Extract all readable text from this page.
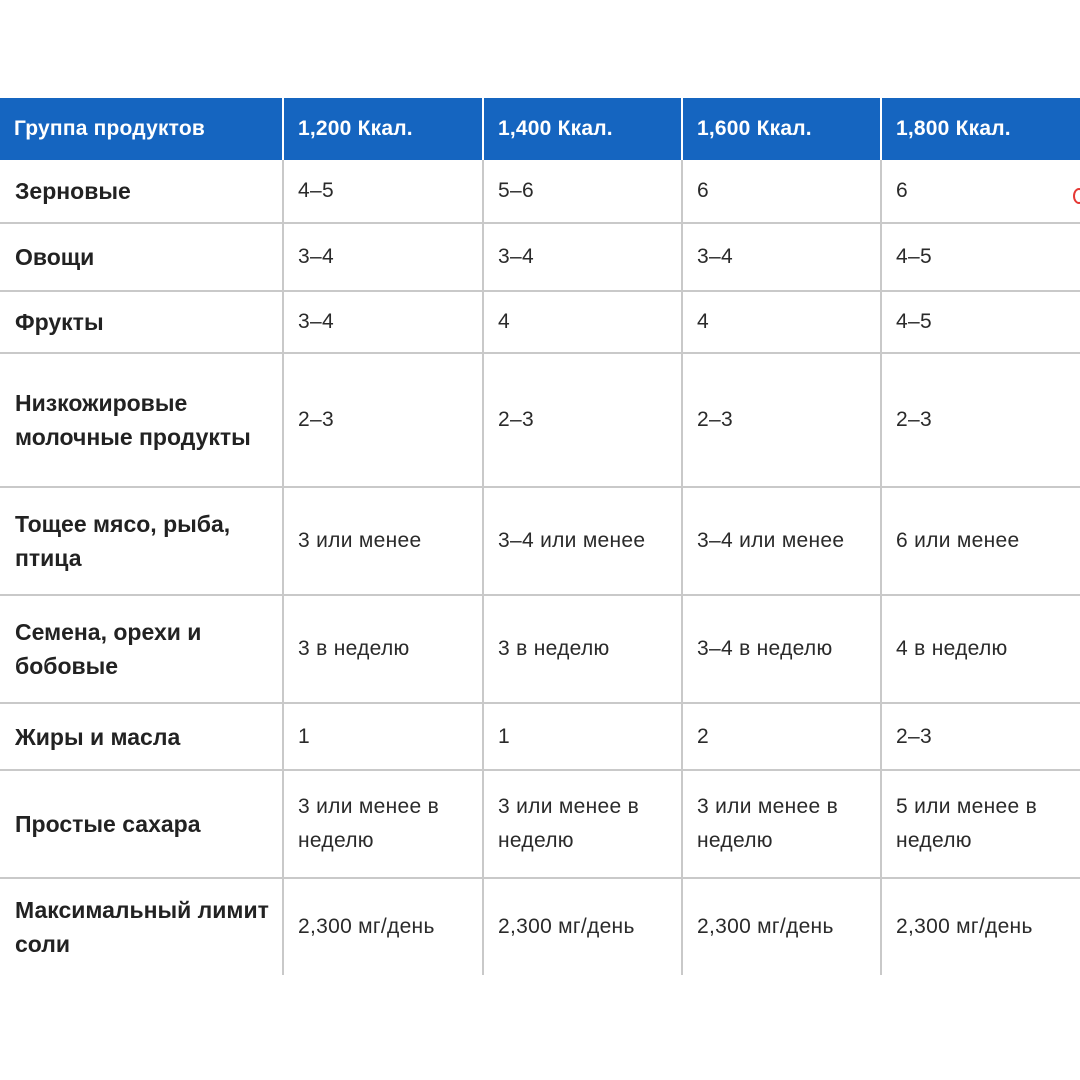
Группа продуктов	1,200 Ккал.	1,400 Ккал.	1,600 Ккал.	1,800 Ккал.
Зерновые	4–5	5–6	6	6
Овощи	3–4	3–4	3–4	4–5
Фрукты	3–4	4	4	4–5
Низкожировые молочные продукты	2–3	2–3	2–3	2–3
Тощее мясо, рыба, птица	3 или менее	3–4 или менее	3–4 или менее	6 или менее
Семена, орехи и бобовые	3 в неделю	3 в неделю	3–4 в неделю	4 в неделю
Жиры и масла	1	1	2	2–3
Простые сахара	3 или менее в неделю	3 или менее в неделю	3 или менее в неделю	5 или менее в неделю
Максимальный лимит соли	2,300 мг/день	2,300 мг/день	2,300 мг/день	2,300 мг/день
